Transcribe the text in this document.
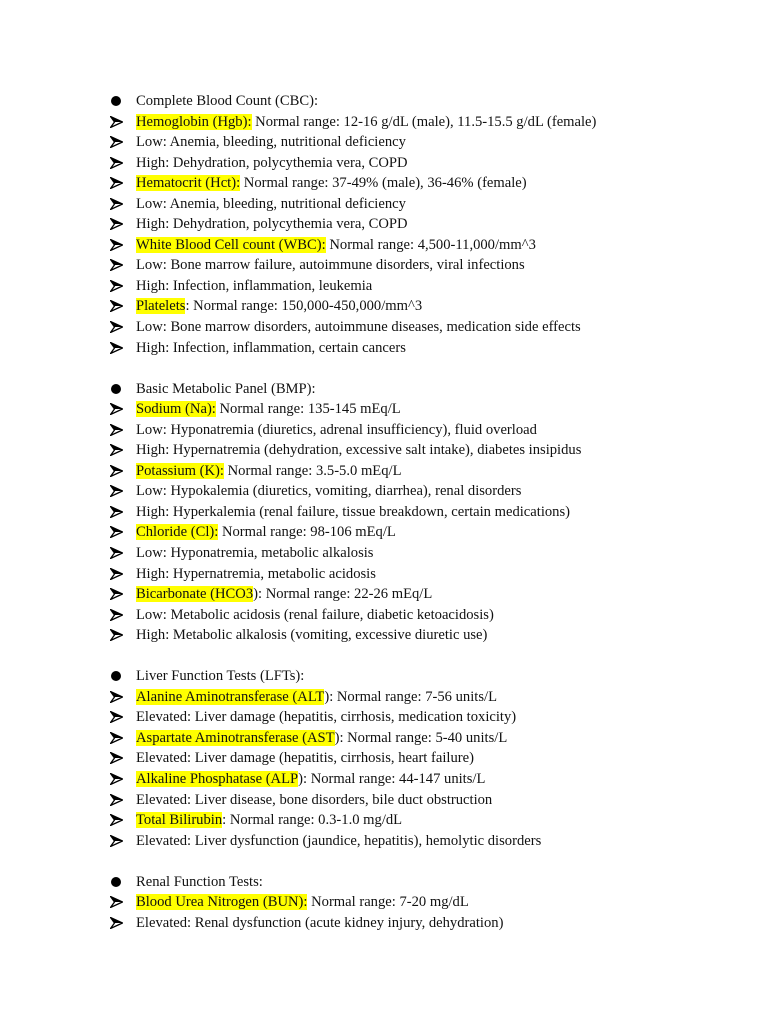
Complete Blood Count (CBC):
Hemoglobin (Hgb): Normal range: 12-16 g/dL (male), 11.5-15.5 g/dL (female)
Low: Anemia, bleeding, nutritional deficiency
High: Dehydration, polycythemia vera, COPD
Hematocrit (Hct): Normal range: 37-49% (male), 36-46% (female)
Low: Anemia, bleeding, nutritional deficiency
High: Dehydration, polycythemia vera, COPD
White Blood Cell count (WBC): Normal range: 4,500-11,000/mm^3
Low: Bone marrow failure, autoimmune disorders, viral infections
High: Infection, inflammation, leukemia
Platelets: Normal range: 150,000-450,000/mm^3
Low: Bone marrow disorders, autoimmune diseases, medication side effects
High: Infection, inflammation, certain cancers
Basic Metabolic Panel (BMP):
Sodium (Na): Normal range: 135-145 mEq/L
Low: Hyponatremia (diuretics, adrenal insufficiency), fluid overload
High: Hypernatremia (dehydration, excessive salt intake), diabetes insipidus
Potassium (K): Normal range: 3.5-5.0 mEq/L
Low: Hypokalemia (diuretics, vomiting, diarrhea), renal disorders
High: Hyperkalemia (renal failure, tissue breakdown, certain medications)
Chloride (Cl): Normal range: 98-106 mEq/L
Low: Hyponatremia, metabolic alkalosis
High: Hypernatremia, metabolic acidosis
Bicarbonate (HCO3): Normal range: 22-26 mEq/L
Low: Metabolic acidosis (renal failure, diabetic ketoacidosis)
High: Metabolic alkalosis (vomiting, excessive diuretic use)
Liver Function Tests (LFTs):
Alanine Aminotransferase (ALT): Normal range: 7-56 units/L
Elevated: Liver damage (hepatitis, cirrhosis, medication toxicity)
Aspartate Aminotransferase (AST): Normal range: 5-40 units/L
Elevated: Liver damage (hepatitis, cirrhosis, heart failure)
Alkaline Phosphatase (ALP): Normal range: 44-147 units/L
Elevated: Liver disease, bone disorders, bile duct obstruction
Total Bilirubin: Normal range: 0.3-1.0 mg/dL
Elevated: Liver dysfunction (jaundice, hepatitis), hemolytic disorders
Renal Function Tests:
Blood Urea Nitrogen (BUN): Normal range: 7-20 mg/dL
Elevated: Renal dysfunction (acute kidney injury, dehydration)
